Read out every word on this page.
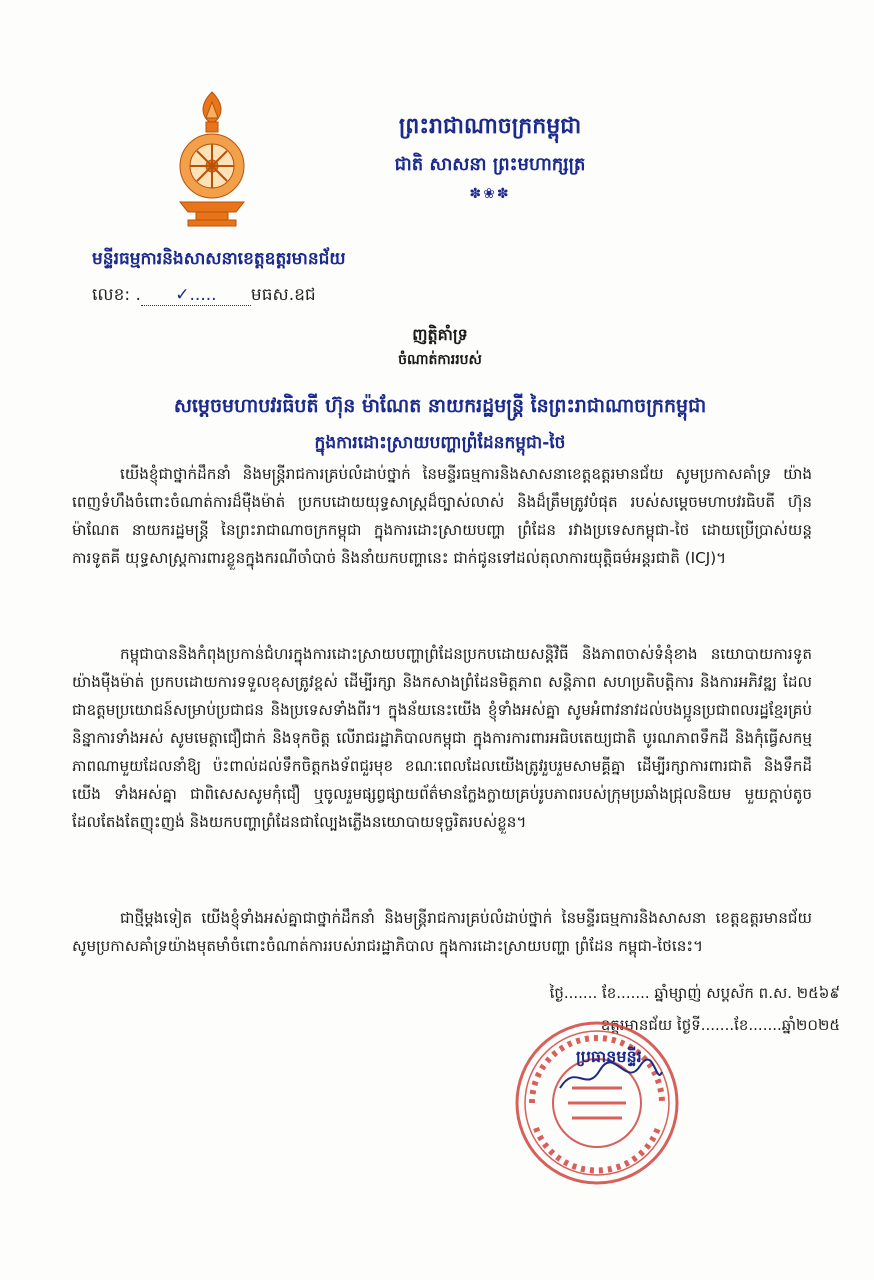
ព្រះរាជាណាចក្រកម្ពុជា
ជាតិ សាសនា ព្រះមហាក្សត្រ
✽❀✽
មន្ទីរធម្មការនិងសាសនាខេត្តឧត្តរមានជ័យ
លេខ: . ✓..... មធស.ឧជ
ញត្តិគាំទ្រ
ចំណាត់ការរបស់
សម្តេចមហាបវរធិបតី ហ៊ុន ម៉ាណែត នាយករដ្ឋមន្ត្រី នៃព្រះរាជាណាចក្រកម្ពុជា
ក្នុងការដោះស្រាយបញ្ហាព្រំដែនកម្ពុជា-ថៃ

យើងខ្ញុំជាថ្នាក់ដឹកនាំ និងមន្ត្រីរាជការគ្រប់លំដាប់ថ្នាក់ នៃមន្ទីរធម្មការនិងសាសនាខេត្តឧត្តរមានជ័យ សូមប្រកាសគាំទ្រ យ៉ាងពេញទំហឹងចំពោះចំណាត់ការដ៏ម៉ឺងម៉ាត់ ប្រកបដោយយុទ្ធសាស្ត្រដ៏ច្បាស់លាស់ និងដ៏ត្រឹមត្រូវបំផុត របស់សម្តេចមហាបវរធិបតី ហ៊ុន ម៉ាណែត នាយករដ្ឋមន្ត្រី នៃព្រះរាជាណាចក្រកម្ពុជា ក្នុងការដោះស្រាយបញ្ហា ព្រំដែន រវាងប្រទេសកម្ពុជា-ថៃ ដោយប្រើប្រាស់យន្តការទូតគី យុទ្ធសាស្ត្រការពារខ្លួនក្នុងករណីចាំបាច់ និងនាំយកបញ្ហានេះ ជាក់ជូនទៅដល់តុលាការយុត្តិធម៌អន្តរជាតិ (ICJ)។

កម្ពុជាបាននិងកំពុងប្រកាន់ជំហរក្នុងការដោះស្រាយបញ្ហាព្រំដែនប្រកបដោយសន្តិវិធី និងភាពចាស់ទំនុំខាង នយោបាយការទូតយ៉ាងម៉ឺងម៉ាត់ ប្រកបដោយការទទួលខុសត្រូវខ្ពស់ ដើម្បីរក្សា និងកសាងព្រំដែនមិត្តភាព សន្តិភាព សហប្រតិបត្តិការ និងការអភិវឌ្ឍ ដែលជាឧត្តមប្រយោជន៍សម្រាប់ប្រជាជន និងប្រទេសទាំងពីរ។ ក្នុងន័យនេះយើង ខ្ញុំទាំងអស់គ្នា សូមអំពាវនាវដល់បងប្អូនប្រជាពលរដ្ឋខ្មែរគ្រប់និន្នាការទាំងអស់ សូមមេត្តាជឿជាក់ និងទុកចិត្ត លើរាជរដ្ឋាភិបាលកម្ពុជា ក្នុងការការពារអធិបតេយ្យជាតិ បូរណភាពទឹកដី និងកុំធ្វើសកម្មភាពណាមួយដែលនាំឱ្យ ប៉ះពាល់ដល់ទឹកចិត្តកងទ័ពជួរមុខ ខណៈពេលដែលយើងត្រូវរួបរួមសាមគ្គីគ្នា ដើម្បីរក្សាការពារជាតិ និងទឹកដីយើង ទាំងអស់គ្នា ជាពិសេសសូមកុំជឿ ឬចូលរួមផ្សព្វផ្សាយព័ត៌មានក្លែងក្លាយគ្រប់រូបភាពរបស់ក្រុមប្រឆាំងជ្រុលនិយម មួយក្តាប់តូច ដែលតែងតែញុះញង់ និងយកបញ្ហាព្រំដែនជាល្បែងភ្លើងនយោបាយទុច្ចរិតរបស់ខ្លួន។

ជាថ្មីម្តងទៀត យើងខ្ញុំទាំងអស់គ្នាជាថ្នាក់ដឹកនាំ និងមន្ត្រីរាជការគ្រប់លំដាប់ថ្នាក់ នៃមន្ទីរធម្មការនិងសាសនា ខេត្តឧត្តរមានជ័យ សូមប្រកាសគាំទ្រយ៉ាងមុតមាំចំពោះចំណាត់ការរបស់រាជរដ្ឋាភិបាល ក្នុងការដោះស្រាយបញ្ហា ព្រំដែន កម្ពុជា-ថៃនេះ។

ថ្ងៃ....... ខែ....... ឆ្នាំម្សាញ់ សប្តស័ក ព.ស. ២៥៦៩
ឧត្តរមានជ័យ ថ្ងៃទី.......ខែ.......ឆ្នាំ២០២៥
ប្រធានមន្ទីរ
